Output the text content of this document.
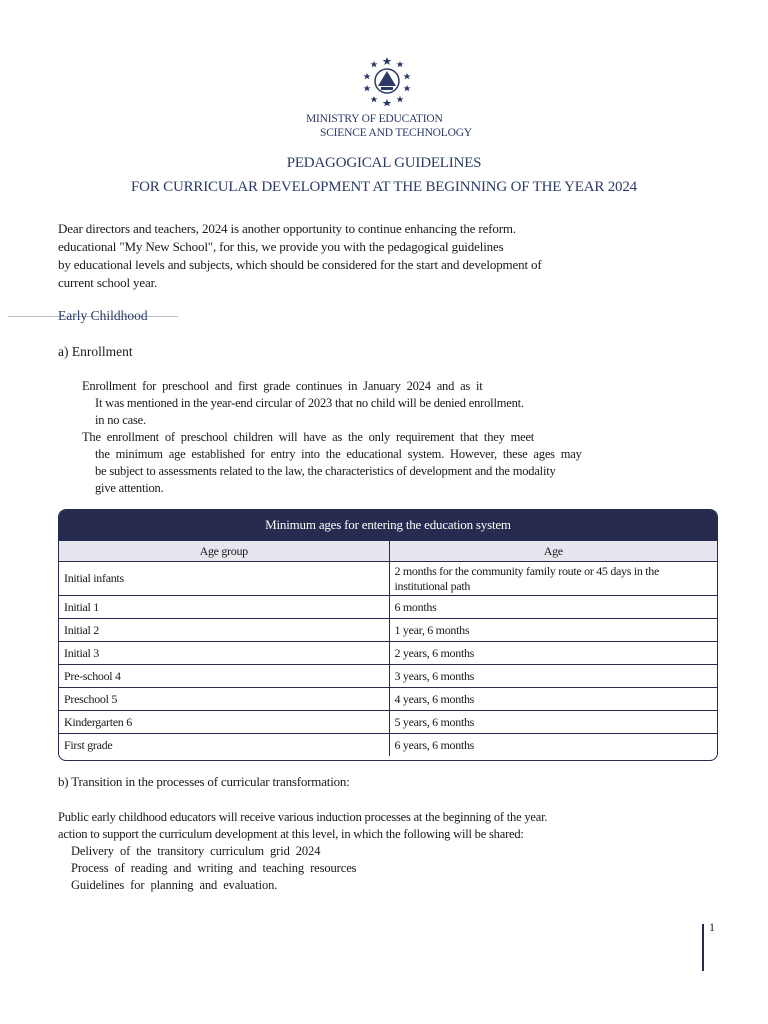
MINISTRY OF EDUCATION
SCIENCE AND TECHNOLOGY
PEDAGOGICAL GUIDELINES
FOR CURRICULAR DEVELOPMENT AT THE BEGINNING OF THE YEAR 2024
Dear directors and teachers, 2024 is another opportunity to continue enhancing the reform.
educational "My New School", for this, we provide you with the pedagogical guidelines
by educational levels and subjects, which should be considered for the start and development of
current school year.
Early Childhood
a) Enrollment
Enrollment for preschool and first grade continues in January 2024 and as it
It was mentioned in the year-end circular of 2023 that no child will be denied enrollment.
in no case.
The enrollment of preschool children will have as the only requirement that they meet
the minimum age established for entry into the educational system. However, these ages may
be subject to assessments related to the law, the characteristics of development and the modality
give attention.
Minimum ages for entering the education system
Age group	Age
Initial infants	2 months for the community family route or 45 days in the institutional path
Initial 1	6 months
Initial 2	1 year, 6 months
Initial 3	2 years, 6 months
Pre-school 4	3 years, 6 months
Preschool 5	4 years, 6 months
Kindergarten 6	5 years, 6 months
First grade	6 years, 6 months
b) Transition in the processes of curricular transformation:
Public early childhood educators will receive various induction processes at the beginning of the year.
action to support the curriculum development at this level, in which the following will be shared:
Delivery of the transitory curriculum grid 2024
Process of reading and writing and teaching resources
Guidelines for planning and evaluation.
1
